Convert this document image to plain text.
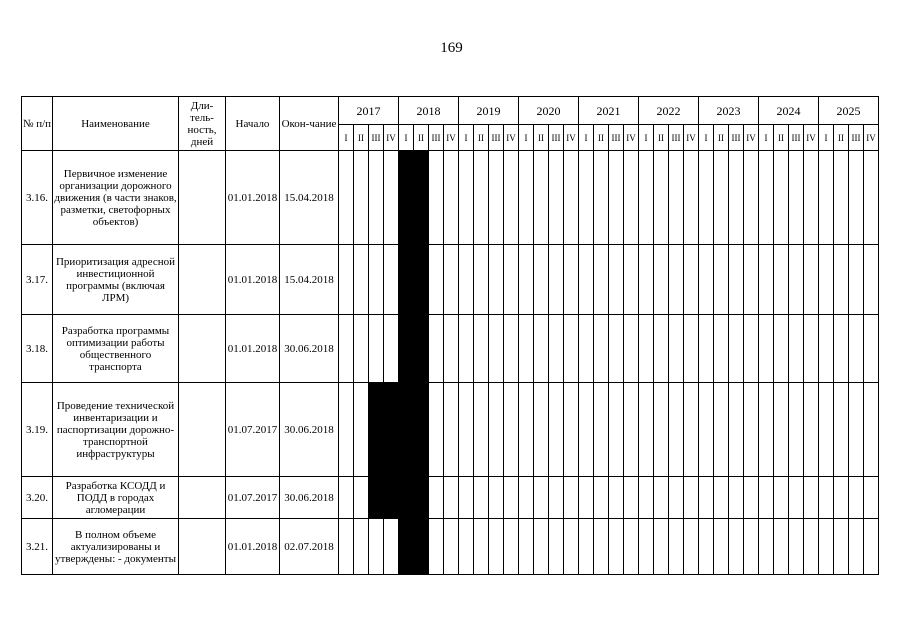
169
№ п/п	Наименование	Дли-тель-ность, дней	Начало	Окон-чание	2017				2018				2019				2020				2021				2022				2023				2024				2025			
					I	II	III	IV	I	II	III	IV	I	II	III	IV	I	II	III	IV	I	II	III	IV	I	II	III	IV	I	II	III	IV	I	II	III	IV	I	II	III	IV
3.16.	Первичное изменение организации дорожного движения (в части знаков, разметки, светофорных объектов)		01.01.2018	15.04.2018																																				
3.17.	Приоритизация адресной инвестиционной программы (включая ЛРМ)		01.01.2018	15.04.2018																																				
3.18.	Разработка программы оптимизации работы общественного транспорта		01.01.2018	30.06.2018																																				
3.19.	Проведение технической инвентаризации и паспортизации дорожно-транспортной инфраструктуры		01.07.2017	30.06.2018																																				
3.20.	Разработка КСОДД и ПОДД в городах агломерации		01.07.2017	30.06.2018																																				
3.21.	В полном объеме актуализированы и утверждены: - документы		01.01.2018	02.07.2018																																				
